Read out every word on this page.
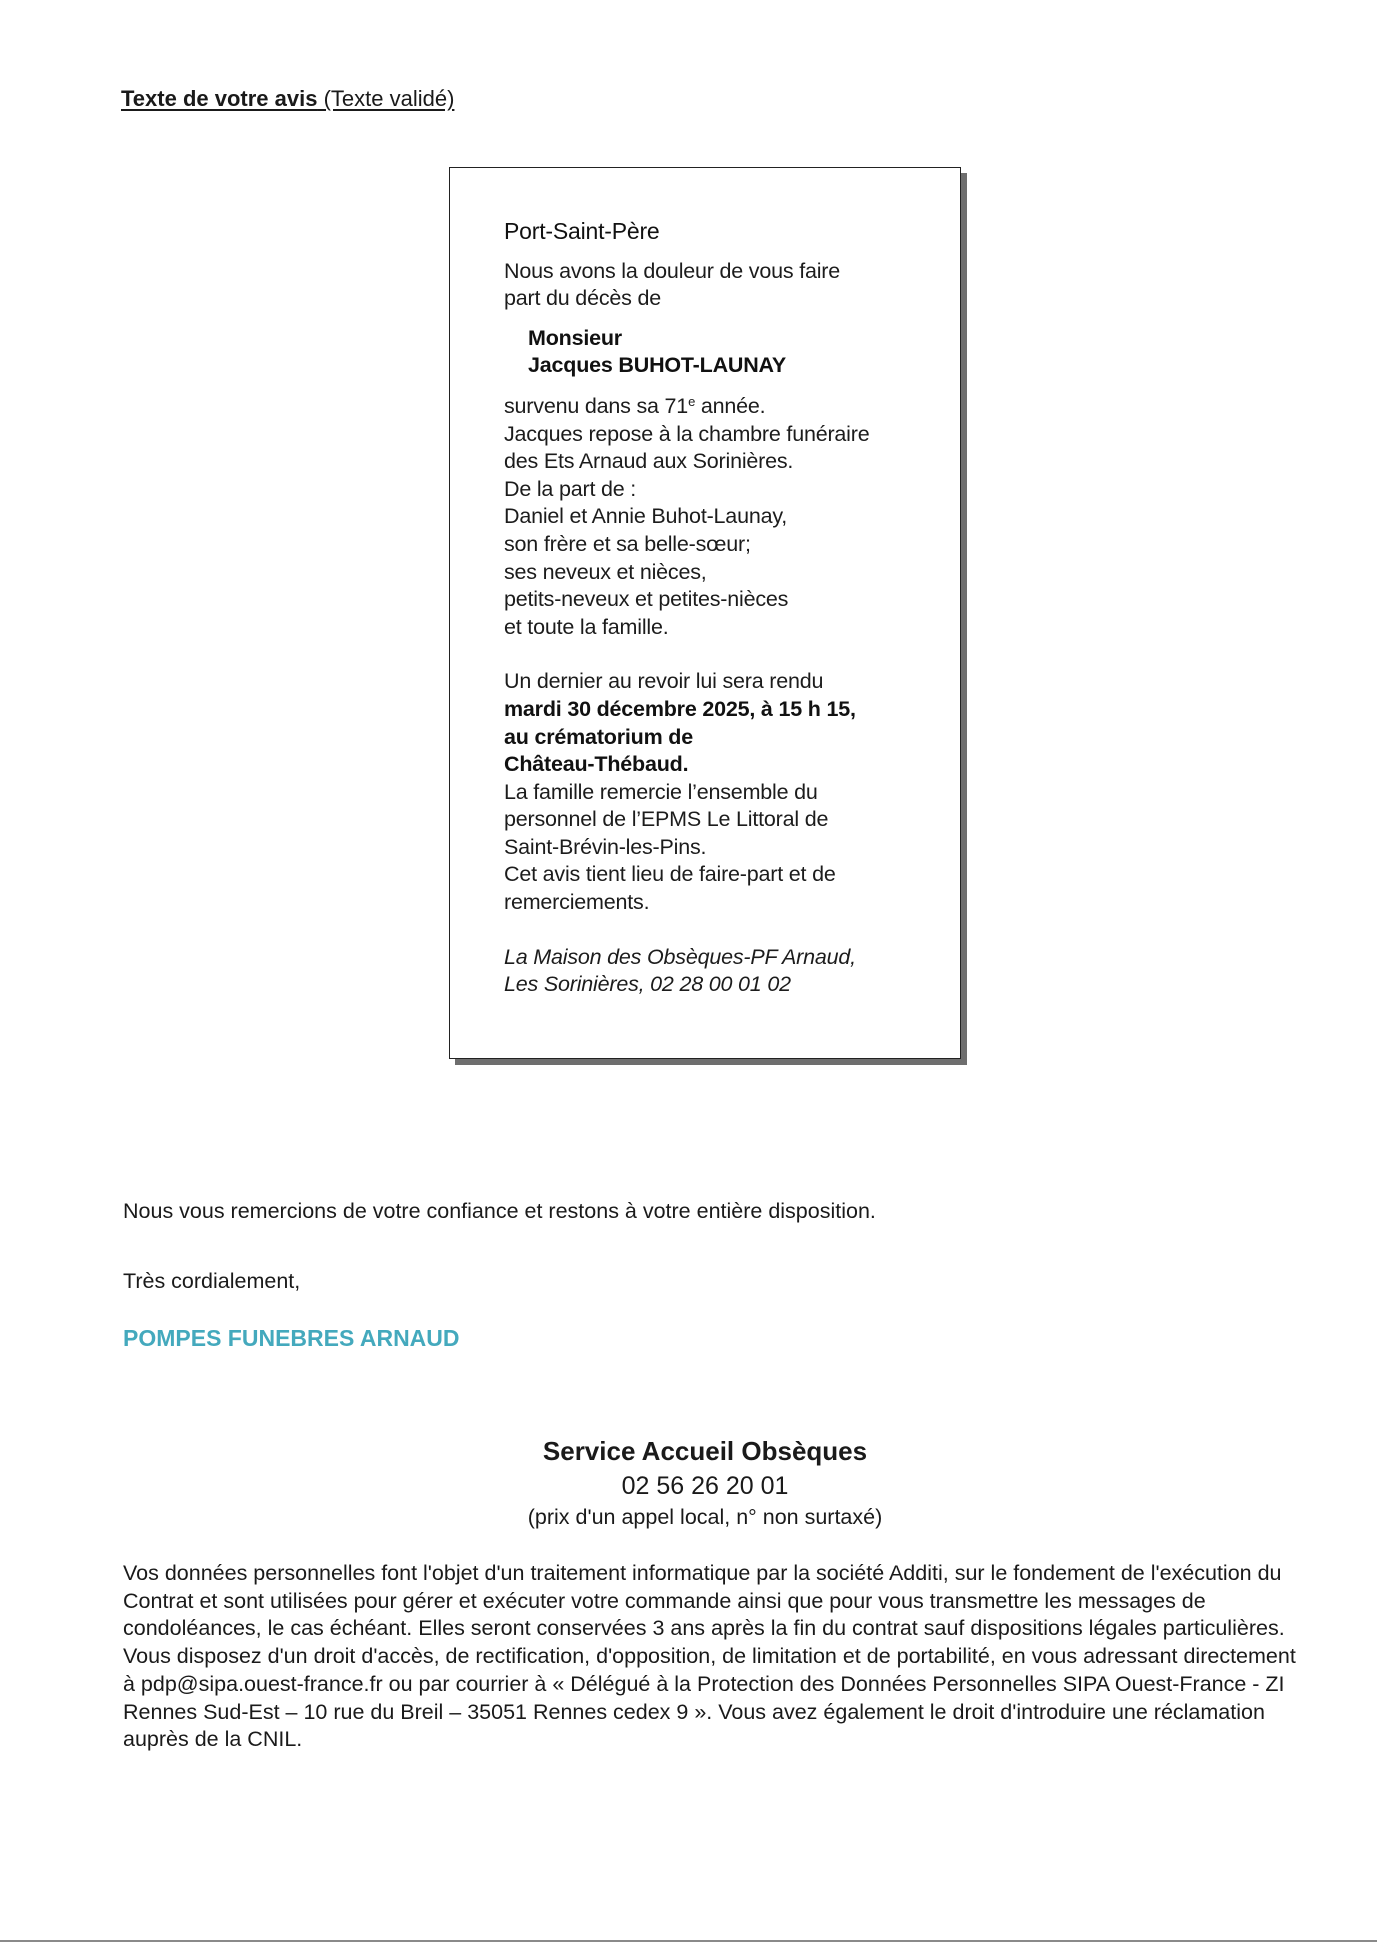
Texte de votre avis (Texte validé)
Port-Saint-Père
Nous avons la douleur de vous faire
part du décès de
Monsieur
Jacques BUHOT-LAUNAY
survenu dans sa 71e année.
Jacques repose à la chambre funéraire
des Ets Arnaud aux Sorinières.
De la part de :
Daniel et Annie Buhot-Launay,
son frère et sa belle-sœur;
ses neveux et nièces,
petits-neveux et petites-nièces
et toute la famille.
Un dernier au revoir lui sera rendu
mardi 30 décembre 2025, à 15 h 15,
au crématorium de
Château-Thébaud.
La famille remercie l’ensemble du
personnel de l’EPMS Le Littoral de
Saint-Brévin-les-Pins.
Cet avis tient lieu de faire-part et de
remerciements.
La Maison des Obsèques-PF Arnaud,
Les Sorinières, 02 28 00 01 02
Nous vous remercions de votre confiance et restons à votre entière disposition.
Très cordialement,
POMPES FUNEBRES ARNAUD
Service Accueil Obsèques
02 56 26 20 01
(prix d'un appel local, n° non surtaxé)
Vos données personnelles font l'objet d'un traitement informatique par la société Additi, sur le fondement de l'exécution du Contrat et sont utilisées pour gérer et exécuter votre commande ainsi que pour vous transmettre les messages de condoléances, le cas échéant. Elles seront conservées 3 ans après la fin du contrat sauf dispositions légales particulières. Vous disposez d'un droit d'accès, de rectification, d'opposition, de limitation et de portabilité, en vous adressant directement à pdp@sipa.ouest-france.fr ou par courrier à « Délégué à la Protection des Données Personnelles SIPA Ouest-France - ZI Rennes Sud-Est – 10 rue du Breil – 35051 Rennes cedex 9 ». Vous avez également le droit d'introduire une réclamation auprès de la CNIL.
